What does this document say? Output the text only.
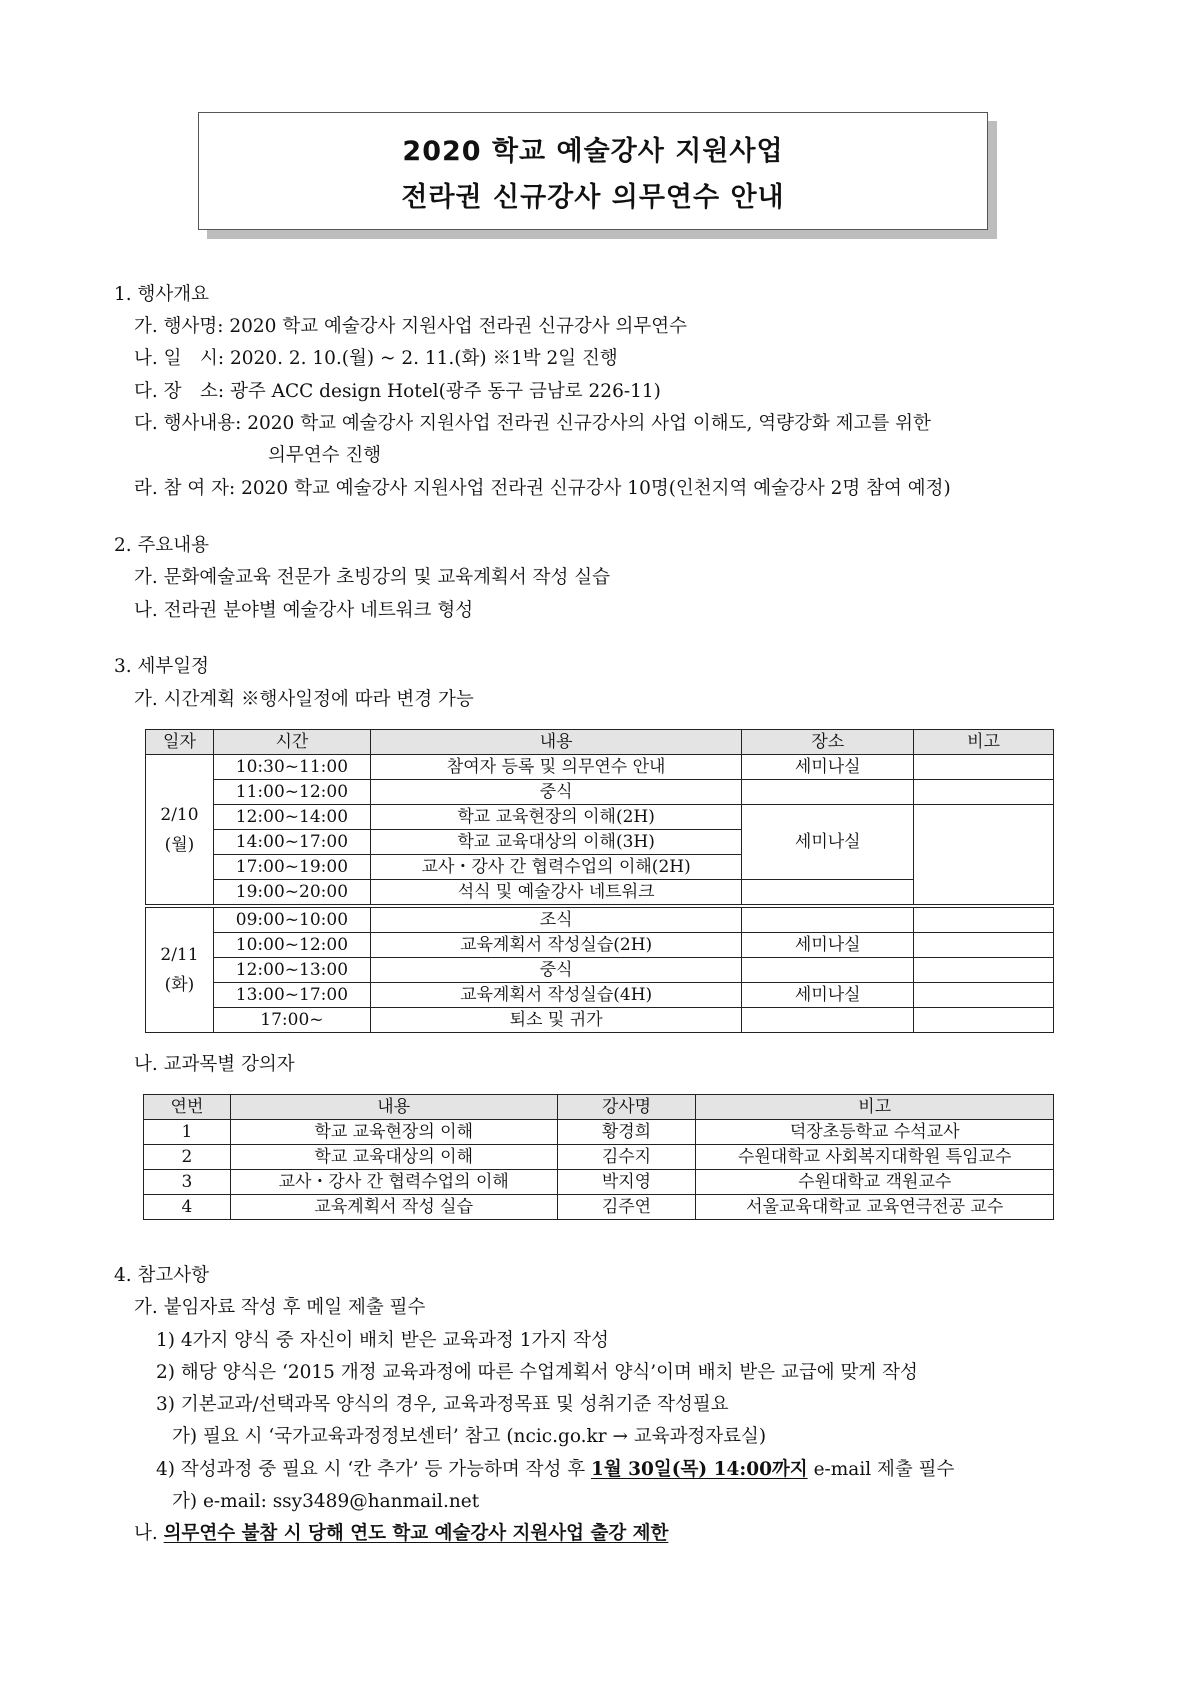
2020 학교 예술강사 지원사업
전라권 신규강사 의무연수 안내
1. 행사개요
가. 행사명: 2020 학교 예술강사 지원사업 전라권 신규강사 의무연수
나. 일　시: 2020. 2. 10.(월) ~ 2. 11.(화) ※1박 2일 진행
다. 장　소: 광주 ACC design Hotel(광주 동구 금남로 226-11)
다. 행사내용: 2020 학교 예술강사 지원사업 전라권 신규강사의 사업 이해도, 역량강화 제고를 위한
의무연수 진행
라. 참 여 자: 2020 학교 예술강사 지원사업 전라권 신규강사 10명(인천지역 예술강사 2명 참여 예정)
2. 주요내용
가. 문화예술교육 전문가 초빙강의 및 교육계획서 작성 실습
나. 전라권 분야별 예술강사 네트워크 형성
3. 세부일정
가. 시간계획 ※행사일정에 따라 변경 가능
일자	시간	내용	장소	비고
2/10
(월)	10:30~11:00	참여자 등록 및 의무연수 안내	세미나실	
	11:00~12:00	중식		
	12:00~14:00	학교 교육현장의 이해(2H)	세미나실	
	14:00~17:00	학교 교육대상의 이해(3H)		
	17:00~19:00	교사・강사 간 협력수업의 이해(2H)		
	19:00~20:00	석식 및 예술강사 네트워크		
2/11
(화)	09:00~10:00	조식		
	10:00~12:00	교육계획서 작성실습(2H)	세미나실	
	12:00~13:00	중식		
	13:00~17:00	교육계획서 작성실습(4H)	세미나실	
	17:00~	퇴소 및 귀가		
나. 교과목별 강의자
연번	내용	강사명	비고
1	학교 교육현장의 이해	황경희	덕장초등학교 수석교사
2	학교 교육대상의 이해	김수지	수원대학교 사회복지대학원 특임교수
3	교사・강사 간 협력수업의 이해	박지영	수원대학교 객원교수
4	교육계획서 작성 실습	김주연	서울교육대학교 교육연극전공 교수
4. 참고사항
가. 붙임자료 작성 후 메일 제출 필수
1) 4가지 양식 중 자신이 배치 받은 교육과정 1가지 작성
2) 해당 양식은 ‘2015 개정 교육과정에 따른 수업계획서 양식’이며 배치 받은 교급에 맞게 작성
3) 기본교과/선택과목 양식의 경우, 교육과정목표 및 성취기준 작성필요
가) 필요 시 ‘국가교육과정정보센터’ 참고 (ncic.go.kr → 교육과정자료실)
4) 작성과정 중 필요 시 ‘칸 추가’ 등 가능하며 작성 후 1월 30일(목) 14:00까지 e-mail 제출 필수
가) e-mail: ssy3489@hanmail.net
나. 의무연수 불참 시 당해 연도 학교 예술강사 지원사업 출강 제한
